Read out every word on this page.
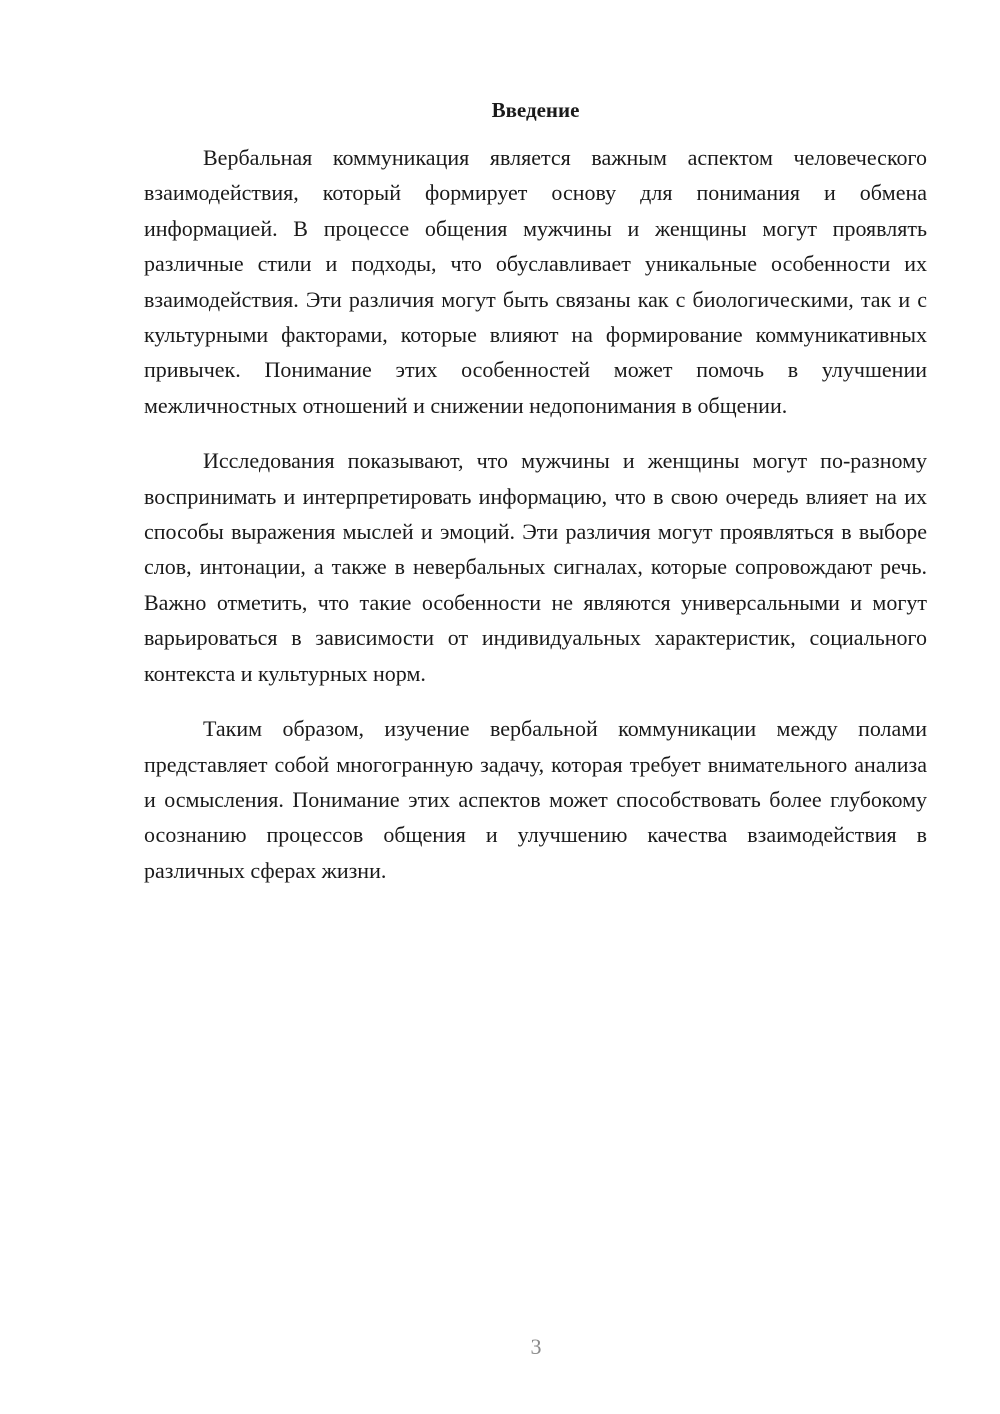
Введение

Вербальная коммуникация является важным аспектом человеческого взаимодействия, который формирует основу для понимания и обмена информацией. В процессе общения мужчины и женщины могут проявлять различные стили и подходы, что обуславливает уникальные особенности их взаимодействия. Эти различия могут быть связаны как с биологическими, так и с культурными факторами, которые влияют на формирование коммуникативных привычек. Понимание этих особенностей может помочь в улучшении межличностных отношений и снижении недопонимания в общении.

Исследования показывают, что мужчины и женщины могут по-разному воспринимать и интерпретировать информацию, что в свою очередь влияет на их способы выражения мыслей и эмоций. Эти различия могут проявляться в выборе слов, интонации, а также в невербальных сигналах, которые сопровождают речь. Важно отметить, что такие особенности не являются универсальными и могут варьироваться в зависимости от индивидуальных характеристик, социального контекста и культурных норм.

Таким образом, изучение вербальной коммуникации между полами представляет собой многогранную задачу, которая требует внимательного анализа и осмысления. Понимание этих аспектов может способствовать более глубокому осознанию процессов общения и улучшению качества взаимодействия в различных сферах жизни.

3
